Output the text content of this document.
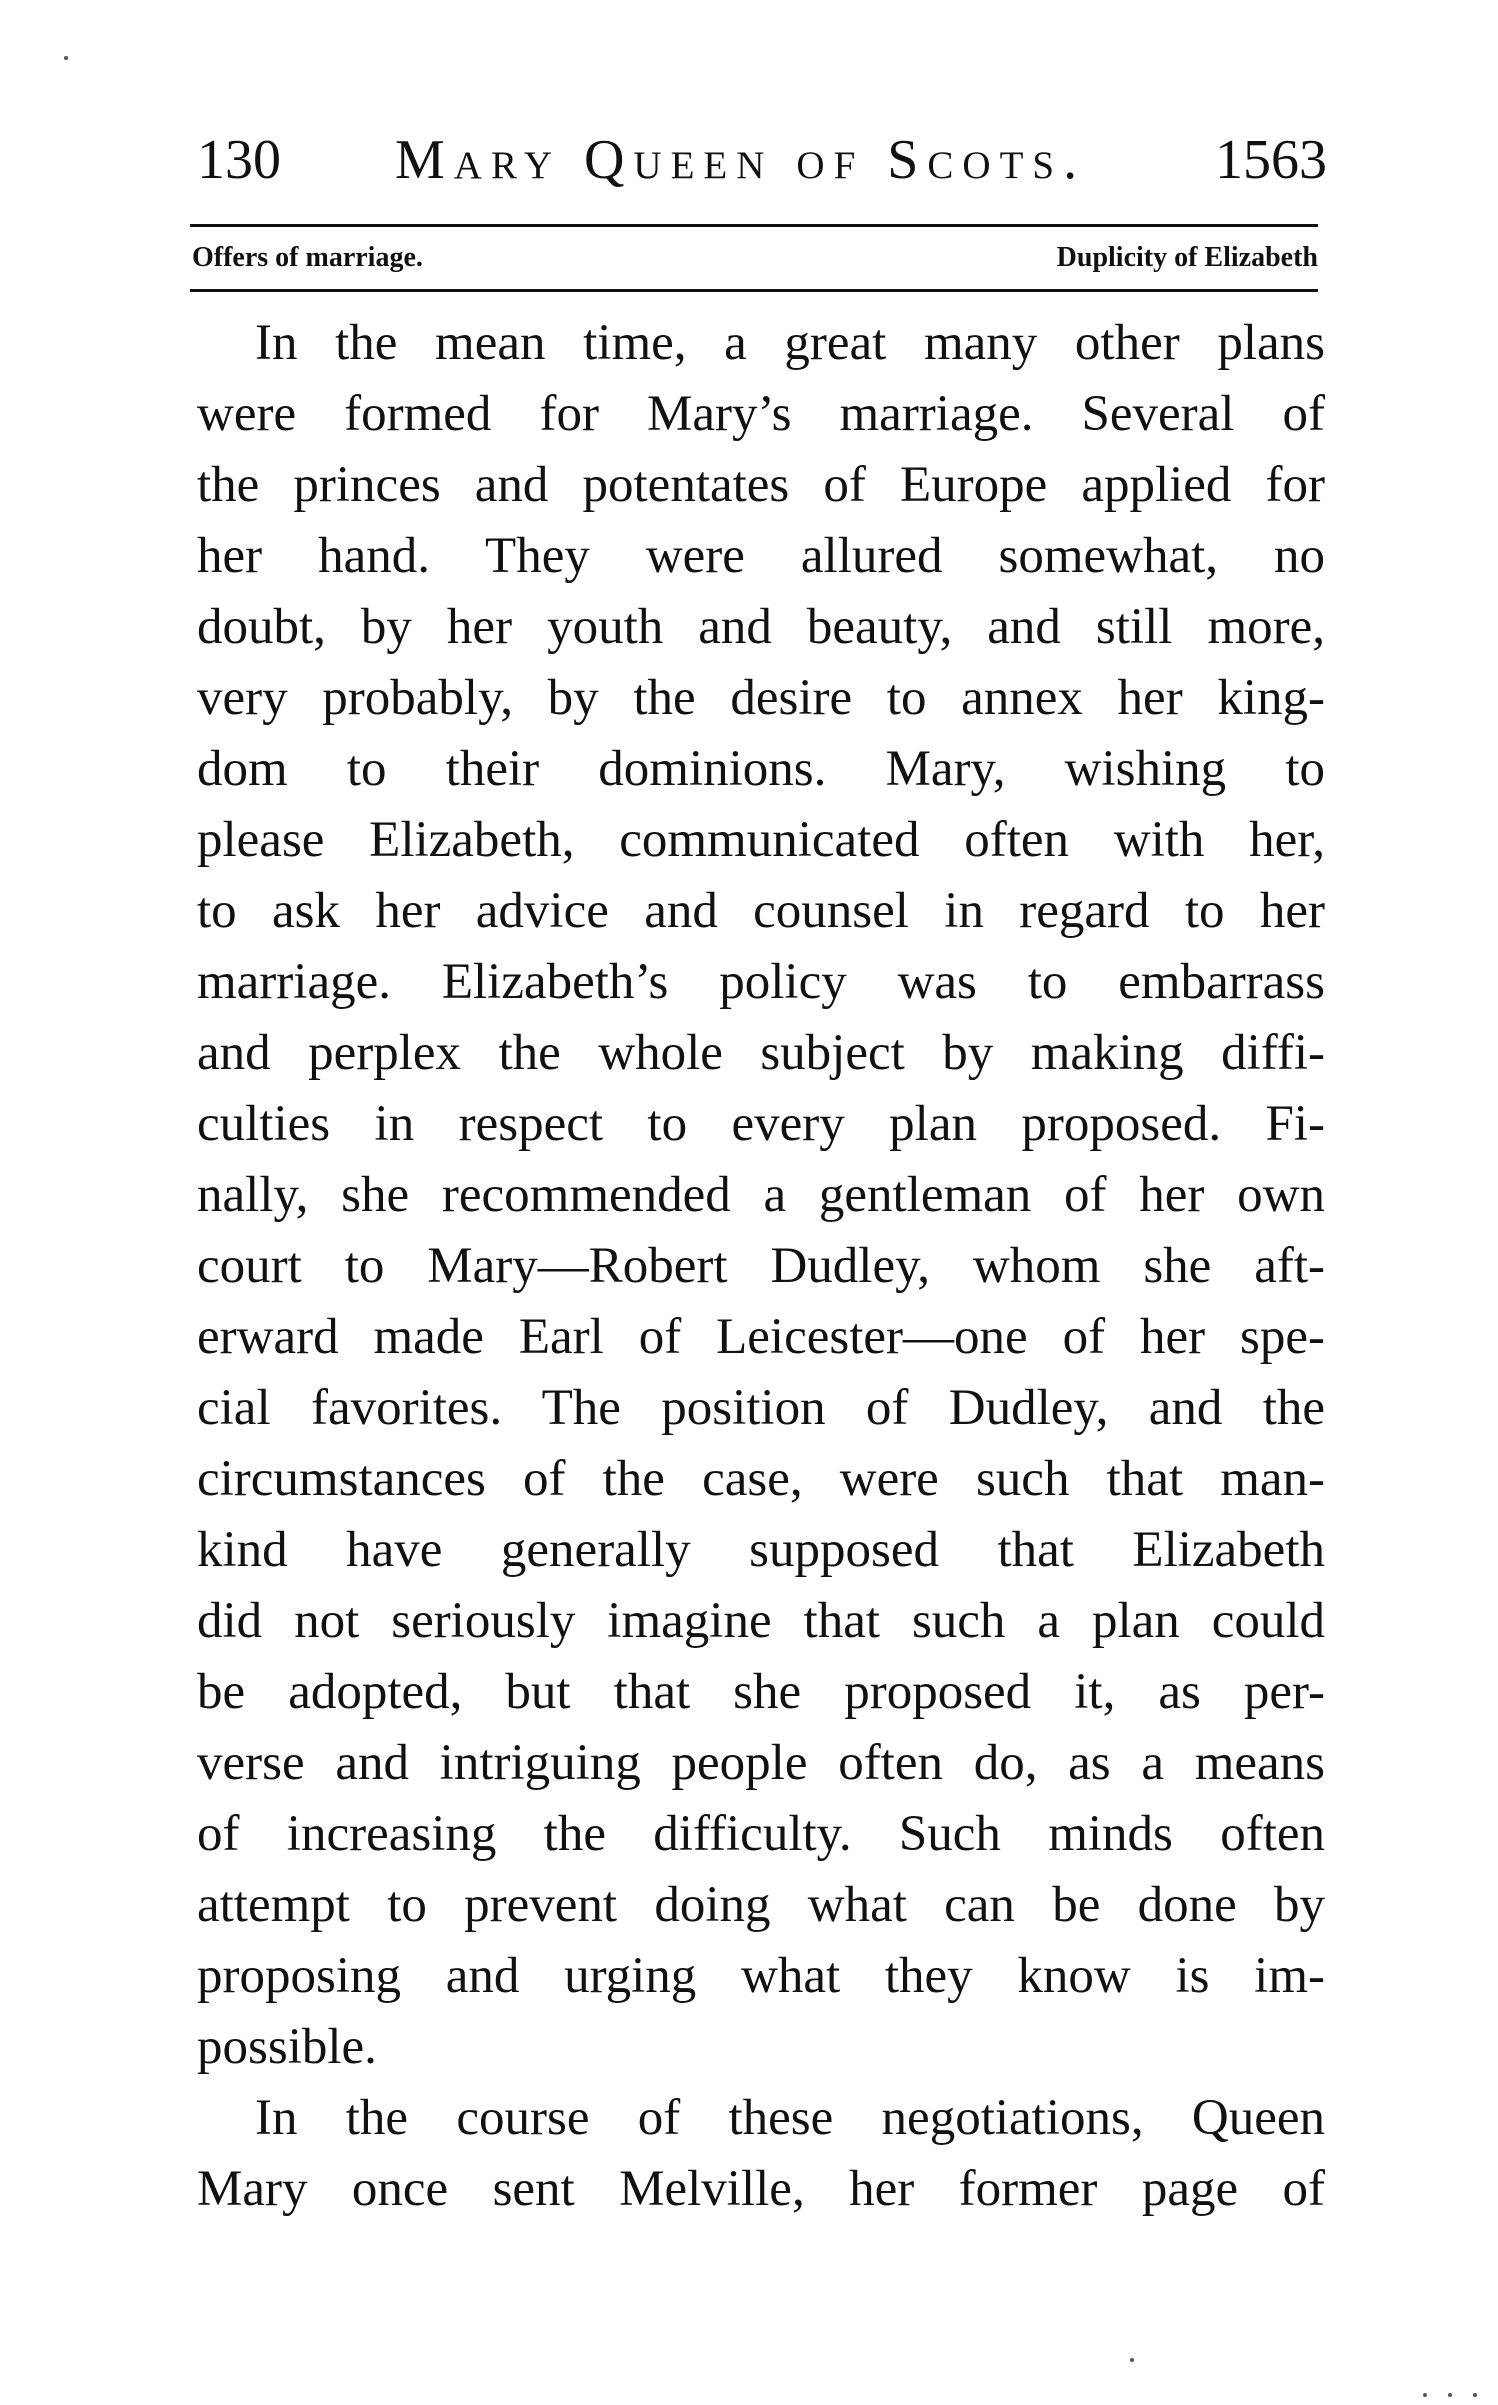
130 Mary Queen of Scots. 1563
Offers of marriage.	Duplicity of Elizabeth
In the mean time, a great many other plans
were formed for Mary’s marriage. Several of
the princes and potentates of Europe applied for
her hand. They were allured somewhat, no
doubt, by her youth and beauty, and still more,
very probably, by the desire to annex her king-
dom to their dominions. Mary, wishing to
please Elizabeth, communicated often with her,
to ask her advice and counsel in regard to her
marriage. Elizabeth’s policy was to embarrass
and perplex the whole subject by making diffi-
culties in respect to every plan proposed. Fi-
nally, she recommended a gentleman of her own
court to Mary—Robert Dudley, whom she aft-
erward made Earl of Leicester—one of her spe-
cial favorites. The position of Dudley, and the
circumstances of the case, were such that man-
kind have generally supposed that Elizabeth
did not seriously imagine that such a plan could
be adopted, but that she proposed it, as per-
verse and intriguing people often do, as a means
of increasing the difficulty. Such minds often
attempt to prevent doing what can be done by
proposing and urging what they know is im-
possible.
In the course of these negotiations, Queen
Mary once sent Melville, her former page of
